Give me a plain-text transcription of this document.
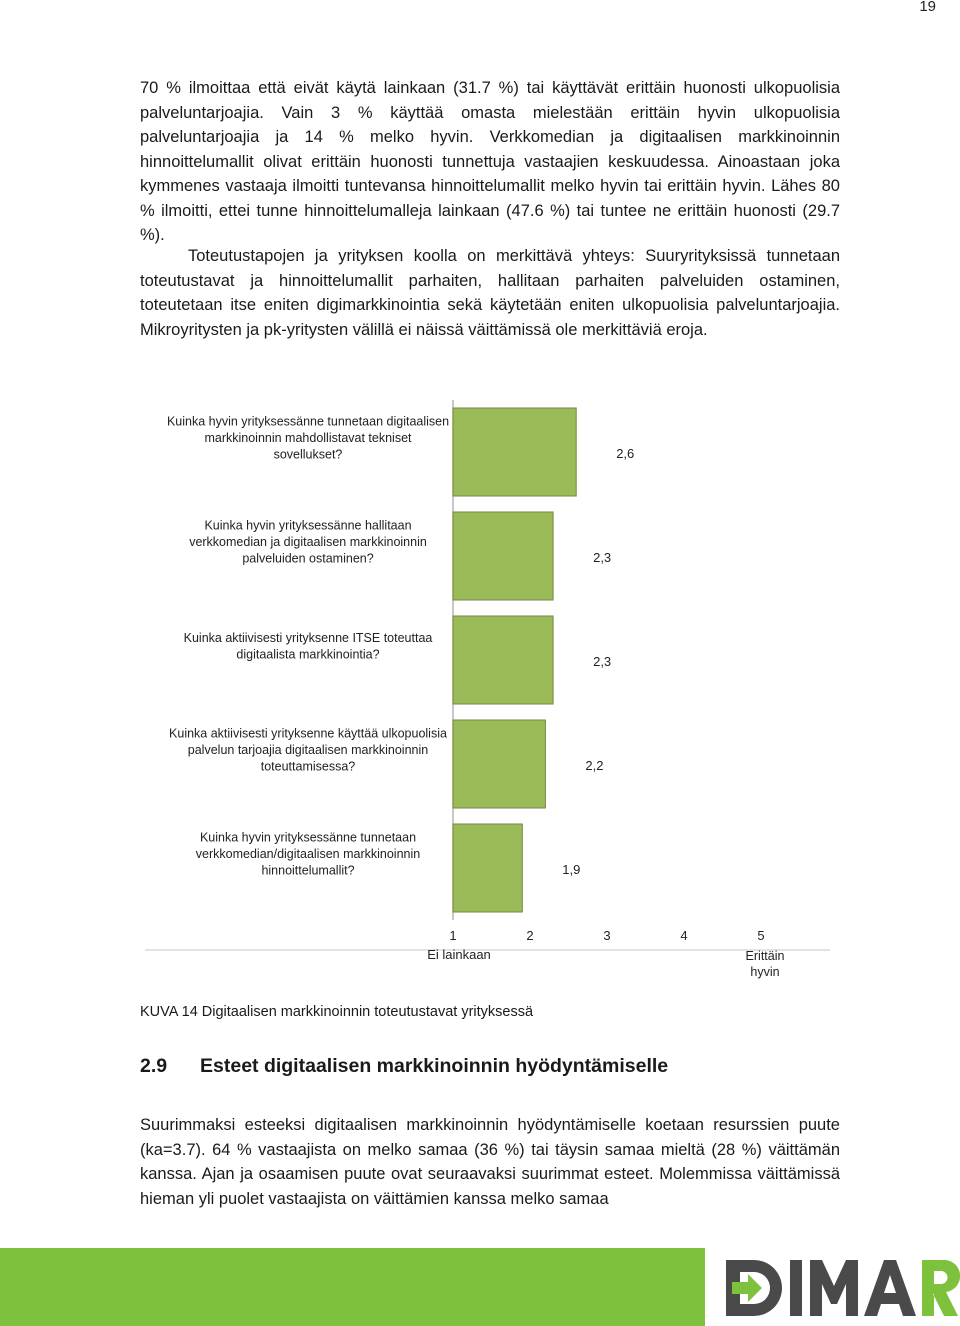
19

70 % ilmoittaa että eivät käytä lainkaan (31.7 %) tai käyttävät erittäin huonosti ulkopuolisia palveluntarjoajia. Vain 3 % käyttää omasta mielestään erittäin hyvin ulkopuolisia palveluntarjoajia ja 14 % melko hyvin. Verkkomedian ja digitaalisen markkinoinnin hinnoittelumallit olivat erittäin huonosti tunnettuja vastaajien keskuudessa. Ainoastaan joka kymmenes vastaaja ilmoitti tuntevansa hinnoittelumallit melko hyvin tai erittäin hyvin. Lähes 80 % ilmoitti, ettei tunne hinnoittelumalleja lainkaan (47.6 %) tai tuntee ne erittäin huonosti (29.7 %).

Toteutustapojen ja yrityksen koolla on merkittävä yhteys: Suuryrityksissä tunnetaan toteutustavat ja hinnoittelumallit parhaiten, hallitaan parhaiten palveluiden ostaminen, toteutetaan itse eniten digimarkkinointia sekä käytetään eniten ulkopuolisia palveluntarjoajia. Mikroyritysten ja pk-yritysten välillä ei näissä väittämissä ole merkittäviä eroja.

2,6
Kuinka hyvin yrityksessänne tunnetaan digitaalisen markkinoinnin mahdollistavat tekniset sovellukset?
2,3
Kuinka hyvin yrityksessänne hallitaan verkkomedian ja digitaalisen markkinoinnin palveluiden ostaminen?
2,3
Kuinka aktiivisesti yrityksenne ITSE toteuttaa digitaalista markkinointia?
2,2
Kuinka aktiivisesti yrityksenne käyttää ulkopuolisia palvelun tarjoajia digitaalisen markkinoinnin toteuttamisessa?
1,9
Kuinka hyvin yrityksessänne tunnetaan verkkomedian/digitaalisen markkinoinnin hinnoittelumallit?
1	2	3	4	5
Ei lainkaan	Erittäin hyvin
KUVA 14 Digitaalisen markkinoinnin toteutustavat yrityksessä
2.9 Esteet digitaalisen markkinoinnin hyödyntämiselle

Suurimmaksi esteeksi digitaalisen markkinoinnin hyödyntämiselle koetaan resurssien puute (ka=3.7). 64 % vastaajista on melko samaa (36 %) tai täysin samaa mieltä (28 %) väittämän kanssa. Ajan ja osaamisen puute ovat seuraavaksi suurimmat esteet. Molemmissa väittämissä hieman yli puolet vastaajista on väittämien kanssa melko samaa
